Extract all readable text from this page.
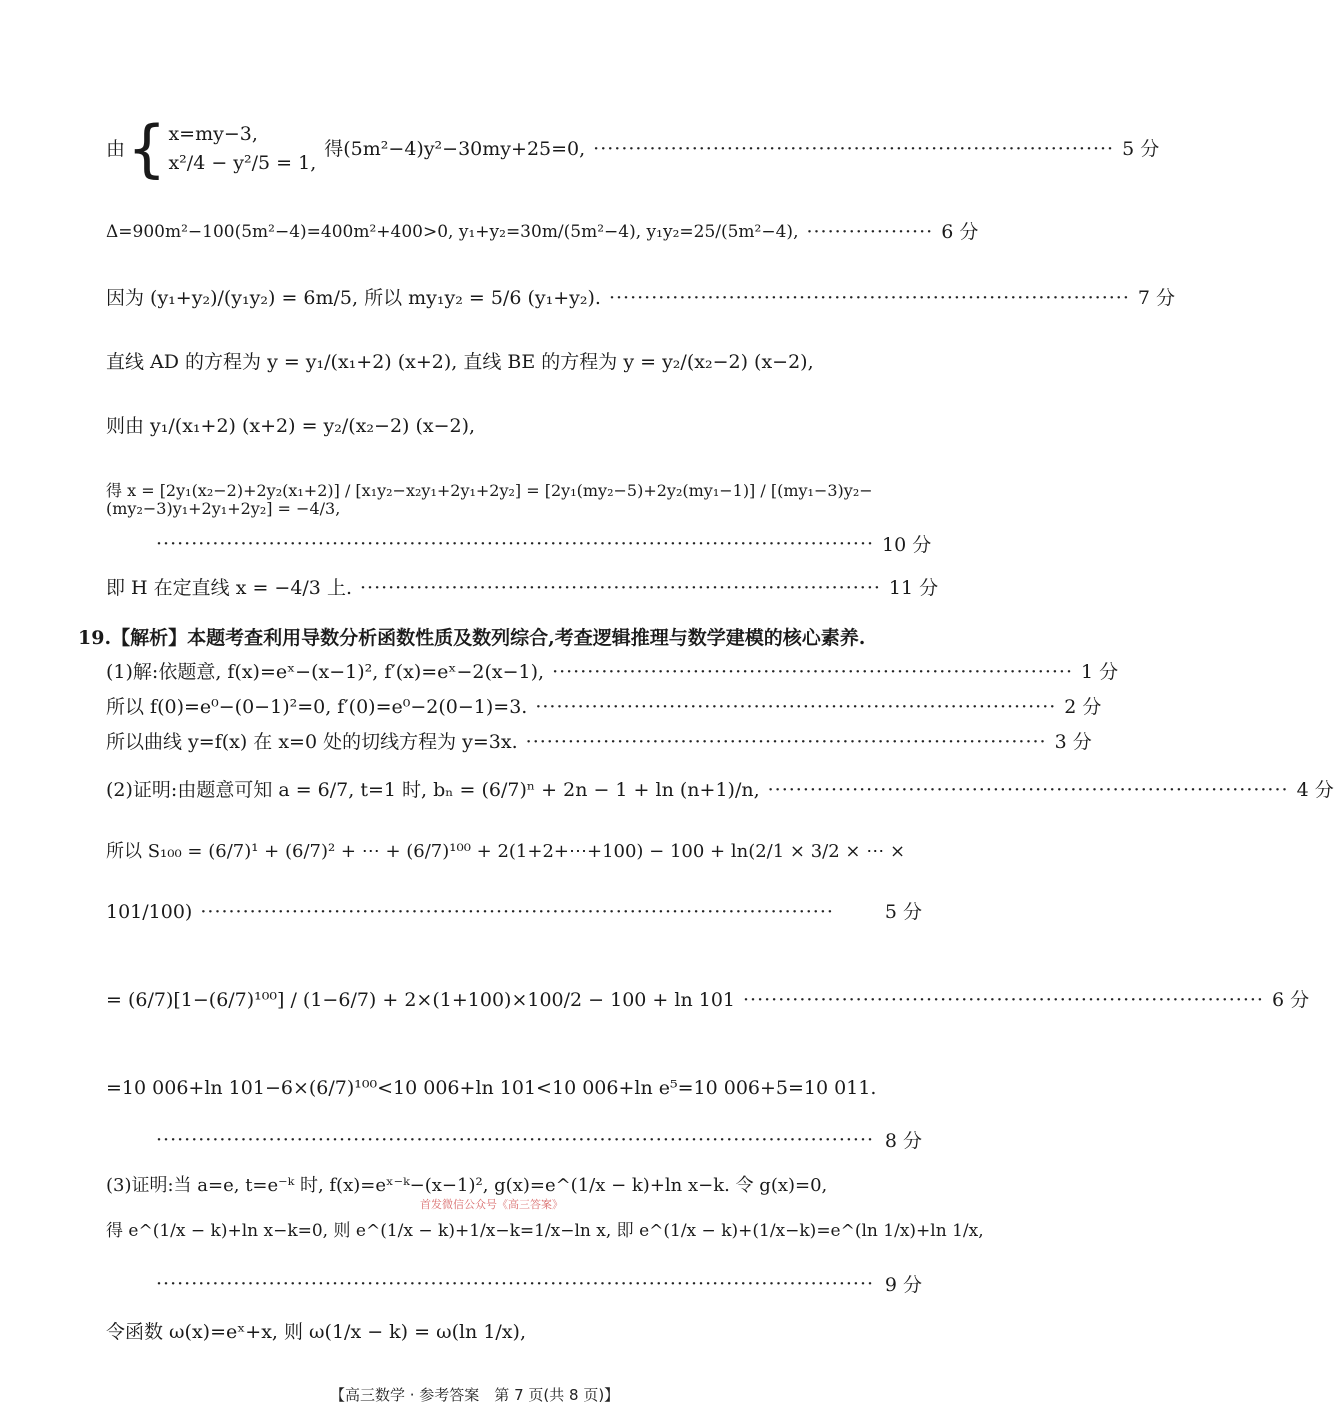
由 { x=my−3,
x²/4 − y²/5 = 1,
得(5m²−4)y²−30my+25=0, ·········································································· 5 分
Δ=900m²−100(5m²−4)=400m²+400>0, y₁+y₂=30m/(5m²−4), y₁y₂=25/(5m²−4), ·················· 6 分
因为 (y₁+y₂)/(y₁y₂) = 6m/5, 所以 my₁y₂ = 5/6 (y₁+y₂). ·········································································· 7 分
直线 AD 的方程为 y = y₁/(x₁+2) (x+2), 直线 BE 的方程为 y = y₂/(x₂−2) (x−2),
则由 y₁/(x₁+2) (x+2) = y₂/(x₂−2) (x−2),
得 x = [2y₁(x₂−2)+2y₂(x₁+2)] / [x₁y₂−x₂y₁+2y₁+2y₂] = [2y₁(my₂−5)+2y₂(my₁−1)] / [(my₁−3)y₂−(my₂−3)y₁+2y₁+2y₂] = −4/3,
······································································································ 10 分
即 H 在定直线 x = −4/3 上. ·········································································· 11 分
19.【解析】本题考查利用导数分析函数性质及数列综合,考查逻辑推理与数学建模的核心素养.
(1)解:依题意, f(x)=eˣ−(x−1)², f′(x)=eˣ−2(x−1), ·········································································· 1 分
所以 f(0)=e⁰−(0−1)²=0, f′(0)=e⁰−2(0−1)=3. ·········································································· 2 分
所以曲线 y=f(x) 在 x=0 处的切线方程为 y=3x. ·········································································· 3 分
(2)证明:由题意可知 a = 6/7, t=1 时, bₙ = (6/7)ⁿ + 2n − 1 + ln (n+1)/n, ·········································································· 4 分
所以 S₁₀₀ = (6/7)¹ + (6/7)² + ⋯ + (6/7)¹⁰⁰ + 2(1+2+⋯+100) − 100 + ln(2/1 × 3/2 × ⋯ ×
101/100) ··························································································	5 分
= (6/7)[1−(6/7)¹⁰⁰] / (1−6/7) + 2×(1+100)×100/2 − 100 + ln 101 ·········································································· 6 分
=10 006+ln 101−6×(6/7)¹⁰⁰<10 006+ln 101<10 006+ln e⁵=10 006+5=10 011.
······································································································ 8 分
(3)证明:当 a=e, t=e⁻ᵏ 时, f(x)=eˣ⁻ᵏ−(x−1)², g(x)=e^(1/x − k)+ln x−k. 令 g(x)=0,
首发微信公众号《高三答案》
得 e^(1/x − k)+ln x−k=0, 则 e^(1/x − k)+1/x−k=1/x−ln x, 即 e^(1/x − k)+(1/x−k)=e^(ln 1/x)+ln 1/x,
······································································································ 9 分
令函数 ω(x)=eˣ+x, 则 ω(1/x − k) = ω(ln 1/x),
【高三数学 · 参考答案　第 7 页(共 8 页)】
